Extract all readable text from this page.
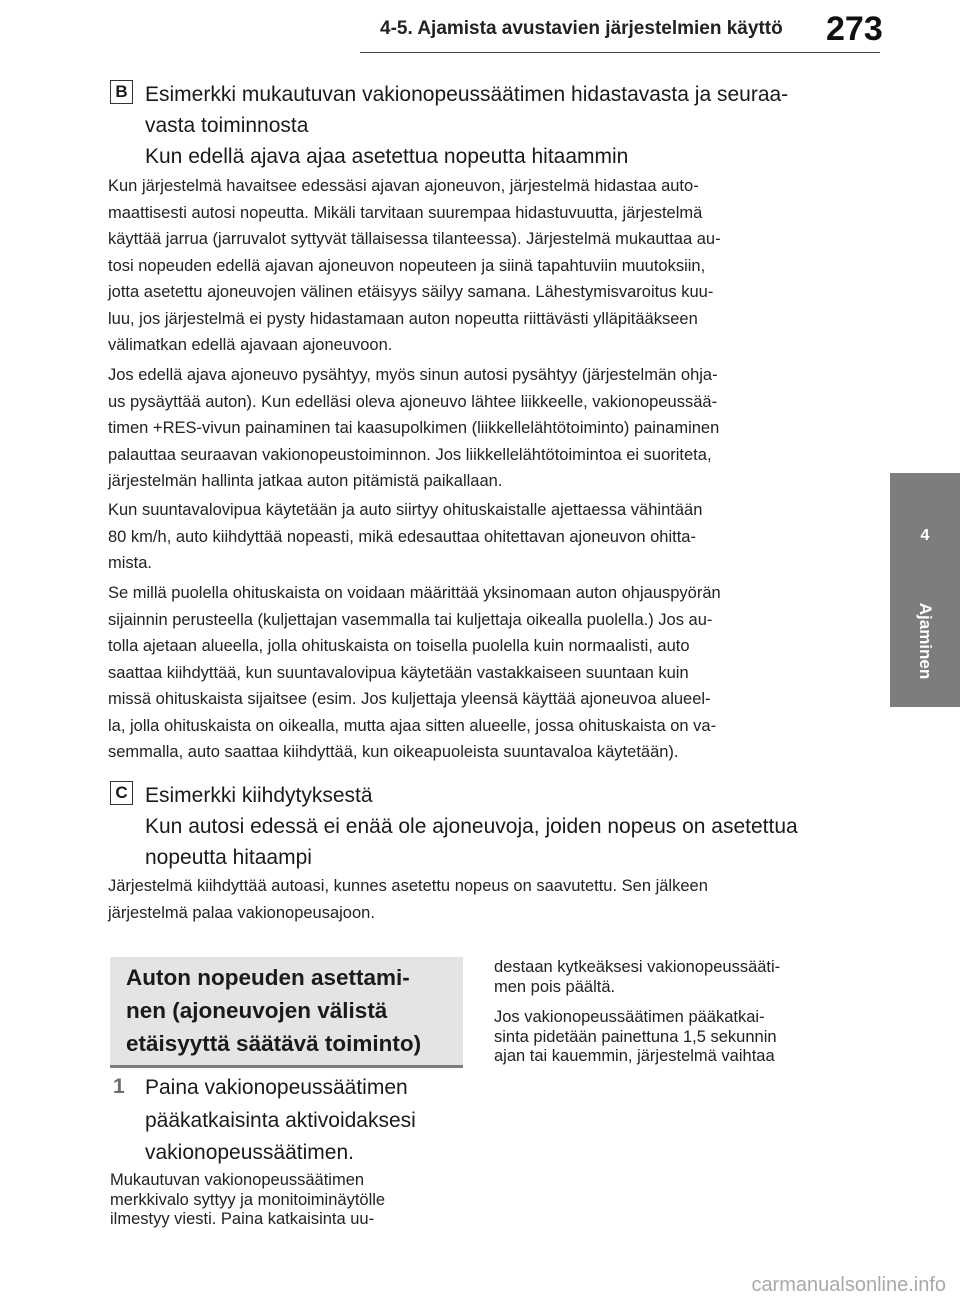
4-5. Ajamista avustavien järjestelmien käyttö 273
4
Ajaminen
B Esimerkki mukautuvan vakionopeussäätimen hidastavasta ja seuraa-
vasta toiminnosta
Kun edellä ajava ajaa asetettua nopeutta hitaammin
Kun järjestelmä havaitsee edessäsi ajavan ajoneuvon, järjestelmä hidastaa auto-
maattisesti autosi nopeutta. Mikäli tarvitaan suurempaa hidastuvuutta, järjestelmä
käyttää jarrua (jarruvalot syttyvät tällaisessa tilanteessa). Järjestelmä mukauttaa au-
tosi nopeuden edellä ajavan ajoneuvon nopeuteen ja siinä tapahtuviin muutoksiin,
jotta asetettu ajoneuvojen välinen etäisyys säilyy samana. Lähestymisvaroitus kuu-
luu, jos järjestelmä ei pysty hidastamaan auton nopeutta riittävästi ylläpitääkseen
välimatkan edellä ajavaan ajoneuvoon.
Jos edellä ajava ajoneuvo pysähtyy, myös sinun autosi pysähtyy (järjestelmän ohja-
us pysäyttää auton). Kun edelläsi oleva ajoneuvo lähtee liikkeelle, vakionopeussää-
timen +RES-vivun painaminen tai kaasupolkimen (liikkellelähtötoiminto) painaminen
palauttaa seuraavan vakionopeustoiminnon. Jos liikkellelähtötoimintoa ei suoriteta,
järjestelmän hallinta jatkaa auton pitämistä paikallaan.
Kun suuntavalovipua käytetään ja auto siirtyy ohituskaistalle ajettaessa vähintään
80 km/h, auto kiihdyttää nopeasti, mikä edesauttaa ohitettavan ajoneuvon ohitta-
mista.
Se millä puolella ohituskaista on voidaan määrittää yksinomaan auton ohjauspyörän
sijainnin perusteella (kuljettajan vasemmalla tai kuljettaja oikealla puolella.) Jos au-
tolla ajetaan alueella, jolla ohituskaista on toisella puolella kuin normaalisti, auto
saattaa kiihdyttää, kun suuntavalovipua käytetään vastakkaiseen suuntaan kuin
missä ohituskaista sijaitsee (esim. Jos kuljettaja yleensä käyttää ajoneuvoa alueel-
la, jolla ohituskaista on oikealla, mutta ajaa sitten alueelle, jossa ohituskaista on va-
semmalla, auto saattaa kiihdyttää, kun oikeapuoleista suuntavaloa käytetään).
C Esimerkki kiihdytyksestä
Kun autosi edessä ei enää ole ajoneuvoja, joiden nopeus on asetettua
nopeutta hitaampi
Järjestelmä kiihdyttää autoasi, kunnes asetettu nopeus on saavutettu. Sen jälkeen
järjestelmä palaa vakionopeusajoon.
Auton nopeuden asettami-
nen (ajoneuvojen välistä
etäisyyttä säätävä toiminto)
1 Paina vakionopeussäätimen
pääkatkaisinta aktivoidaksesi
vakionopeussäätimen.
Mukautuvan vakionopeussäätimen
merkkivalo syttyy ja monitoiminäytölle
ilmestyy viesti. Paina katkaisinta uu-
destaan kytkeäksesi vakionopeussääti-
men pois päältä.
Jos vakionopeussäätimen pääkatkai-
sinta pidetään painettuna 1,5 sekunnin
ajan tai kauemmin, järjestelmä vaihtaa
carmanualsonline.info
